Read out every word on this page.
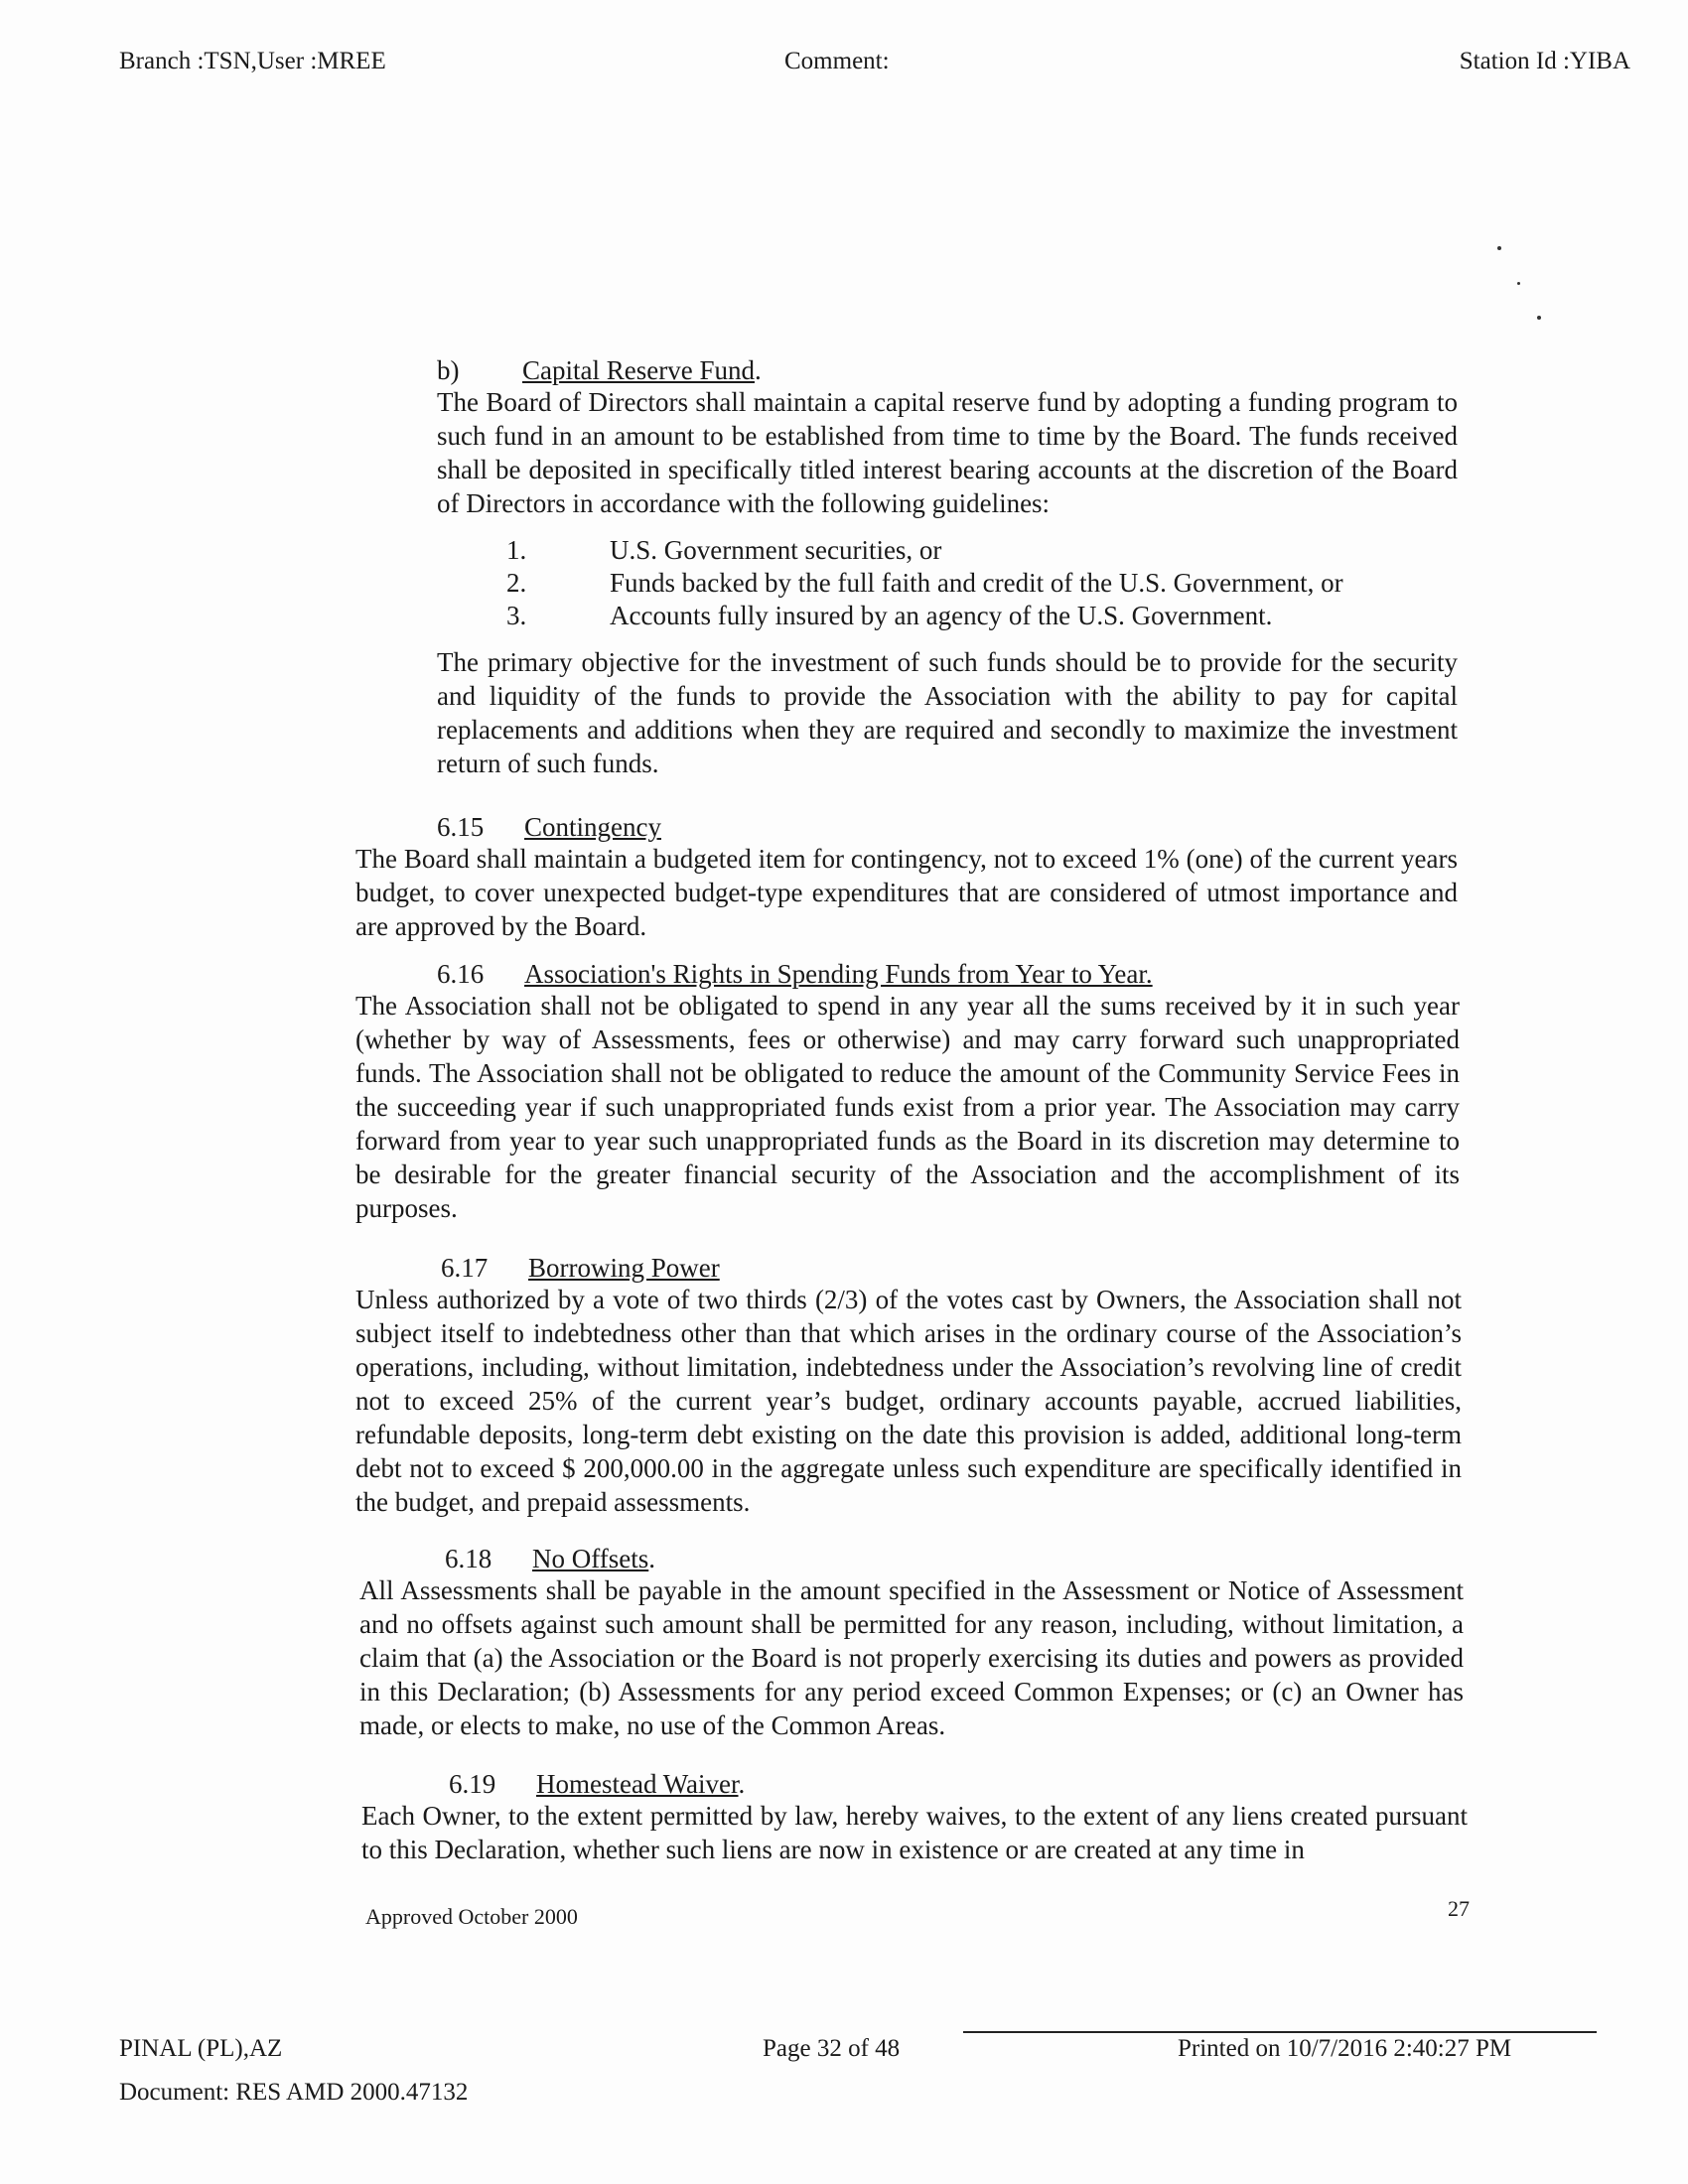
Branch :TSN,User :MREE	Comment:	Station Id :YIBA
b) Capital Reserve Fund.
The Board of Directors shall maintain a capital reserve fund by adopting a funding program to such fund in an amount to be established from time to time by the Board. The funds received shall be deposited in specifically titled interest bearing accounts at the discretion of the Board of Directors in accordance with the following guidelines:
1.	U.S. Government securities, or
2.	Funds backed by the full faith and credit of the U.S. Government, or
3.	Accounts fully insured by an agency of the U.S. Government.
The primary objective for the investment of such funds should be to provide for the security and liquidity of the funds to provide the Association with the ability to pay for capital replacements and additions when they are required and secondly to maximize the investment return of such funds.
6.15 Contingency
The Board shall maintain a budgeted item for contingency, not to exceed 1% (one) of the current years budget, to cover unexpected budget-type expenditures that are considered of utmost importance and are approved by the Board.
6.16 Association's Rights in Spending Funds from Year to Year.
The Association shall not be obligated to spend in any year all the sums received by it in such year (whether by way of Assessments, fees or otherwise) and may carry forward such unappropriated funds. The Association shall not be obligated to reduce the amount of the Community Service Fees in the succeeding year if such unappropriated funds exist from a prior year. The Association may carry forward from year to year such unappropriated funds as the Board in its discretion may determine to be desirable for the greater financial security of the Association and the accomplishment of its purposes.
6.17 Borrowing Power
Unless authorized by a vote of two thirds (2/3) of the votes cast by Owners, the Association shall not subject itself to indebtedness other than that which arises in the ordinary course of the Association’s operations, including, without limitation, indebtedness under the Association’s revolving line of credit not to exceed 25% of the current year’s budget, ordinary accounts payable, accrued liabilities, refundable deposits, long-term debt existing on the date this provision is added, additional long-term debt not to exceed $ 200,000.00 in the aggregate unless such expenditure are specifically identified in the budget, and prepaid assessments.
6.18 No Offsets.
All Assessments shall be payable in the amount specified in the Assessment or Notice of Assessment and no offsets against such amount shall be permitted for any reason, including, without limitation, a claim that (a) the Association or the Board is not properly exercising its duties and powers as provided in this Declaration; (b) Assessments for any period exceed Common Expenses; or (c) an Owner has made, or elects to make, no use of the Common Areas.
6.19 Homestead Waiver.
Each Owner, to the extent permitted by law, hereby waives, to the extent of any liens created pursuant to this Declaration, whether such liens are now in existence or are created at any time in
Approved October 2000	27
PINAL (PL),AZ
Document: RES AMD 2000.47132
Page 32 of 48	Printed on 10/7/2016 2:40:27 PM
